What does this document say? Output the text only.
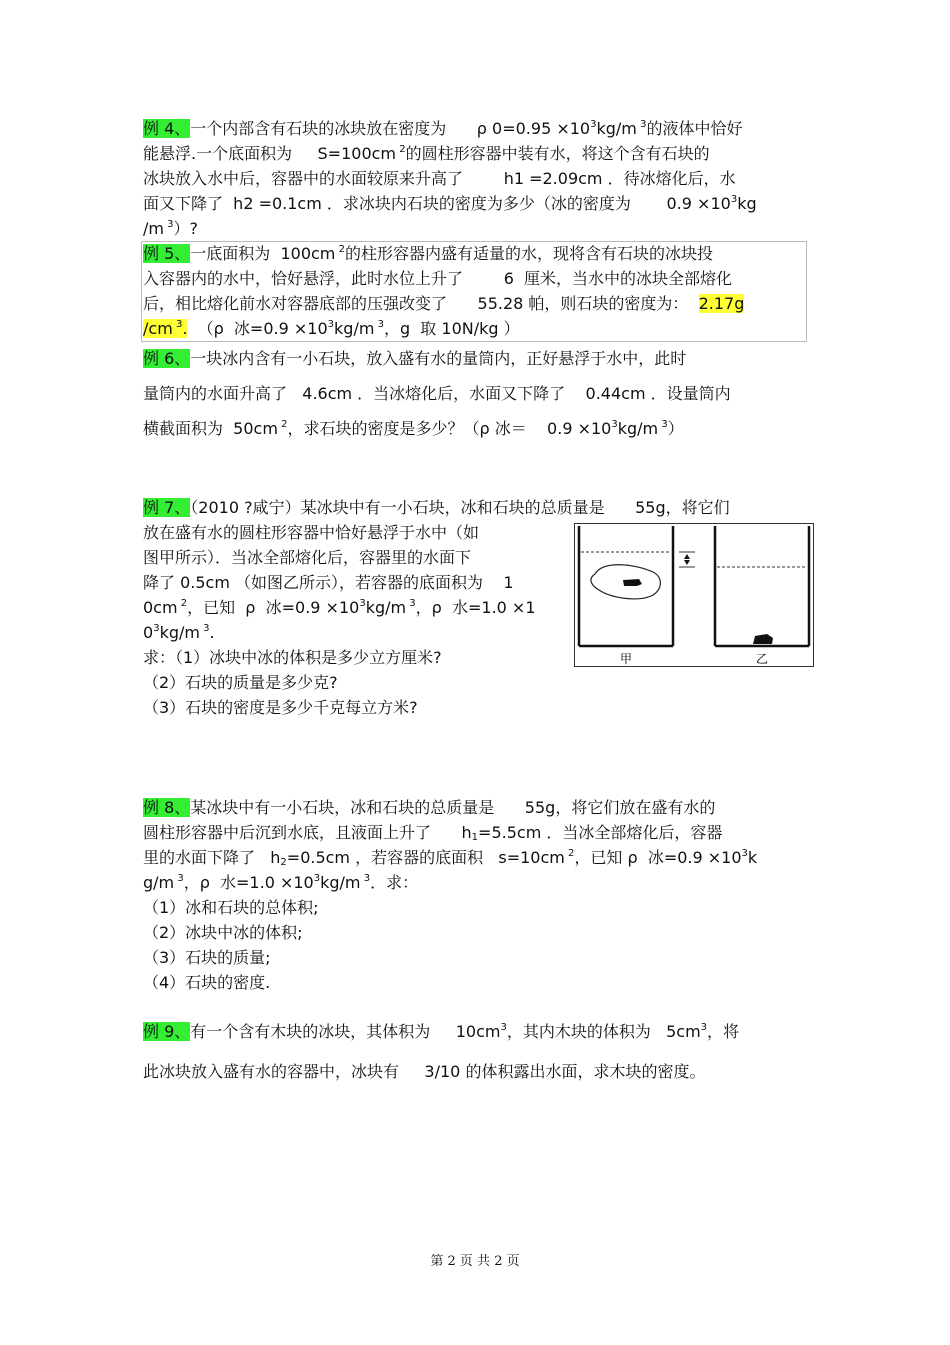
例 4、一个内部含有石块的冰块放在密度为      ρ $0=0.95 \times 10^3kg/m$ $^3$的液体中恰好
能悬浮.一个底面积为     S=100cm $^2$的圆柱形容器中装有水，将这个含有石块的
冰块放入水中后，容器中的水面较原来升高了        h1 =2.09cm ．待冰熔化后，水
面又下降了  h2 =0.1cm ．求冰块内石块的密度为多少（冰的密度为       $0.9 \times 10^3kg$
/m $^3$）?
例 5、一底面积为  100cm $^2$的柱形容器内盛有适量的水，现将含有石块的冰块投
入容器内的水中，恰好悬浮，此时水位上升了        6  厘米，当水中的冰块全部熔化
后，相比熔化前水对容器底部的压强改变了      55.28 帕，则石块的密度为：  2.17g
/cm $^3$.  （ρ  冰$=0.9 \times 10^3kg/m$ $^3$，g  取 10N/kg ）
例 6、一块冰内含有一小石块，放入盛有水的量筒内，正好悬浮于水中，此时
量筒内的水面升高了   4.6cm ．当冰熔化后，水面又下降了    0.44cm ．设量筒内
横截面积为  50cm $^2$，求石块的密度是多少？（ρ 冰＝    $0.9 \times 10^3kg/m$ $^3$）
例 7、（2010 ?咸宁）某冰块中有一小石块，冰和石块的总质量是      55g，将它们
放在盛有水的圆柱形容器中恰好悬浮于水中（如
图甲所示）．当冰全部熔化后，容器里的水面下
降了 0.5cm （如图乙所示），若容器的底面积为    1
0cm $^2$，已知  ρ  冰$=0.9 \times 10^3kg/m$ $^3$，ρ  水=1.0 ×1
$0^3kg/m$ $^3$.
求：（1）冰块中冰的体积是多少立方厘米?
（2）石块的质量是多少克?
（3）石块的密度是多少千克每立方米?
甲	乙
例 8、某冰块中有一小石块，冰和石块的总质量是      55g，将它们放在盛有水的
圆柱形容器中后沉到水底，且液面上升了      $h_1=5.5cm$ ．当冰全部熔化后，容器
里的水面下降了   $h_2=0.5cm$ ，若容器的底面积   s=10cm $^2$，已知 ρ  冰$=0.9 \times 10^3k$
g/m $^3$，ρ  水$=1.0 \times 10^3kg/m$ $^3$．求：
（1）冰和石块的总体积;
（2）冰块中冰的体积;
（3）石块的质量;
（4）石块的密度.
例 9、有一个含有木块的冰块，其体积为     $10cm^3$，其内木块的体积为   $5cm^3$，将
此冰块放入盛有水的容器中，冰块有     3/10 的体积露出水面，求木块的密度。
第 2 页 共 2 页
